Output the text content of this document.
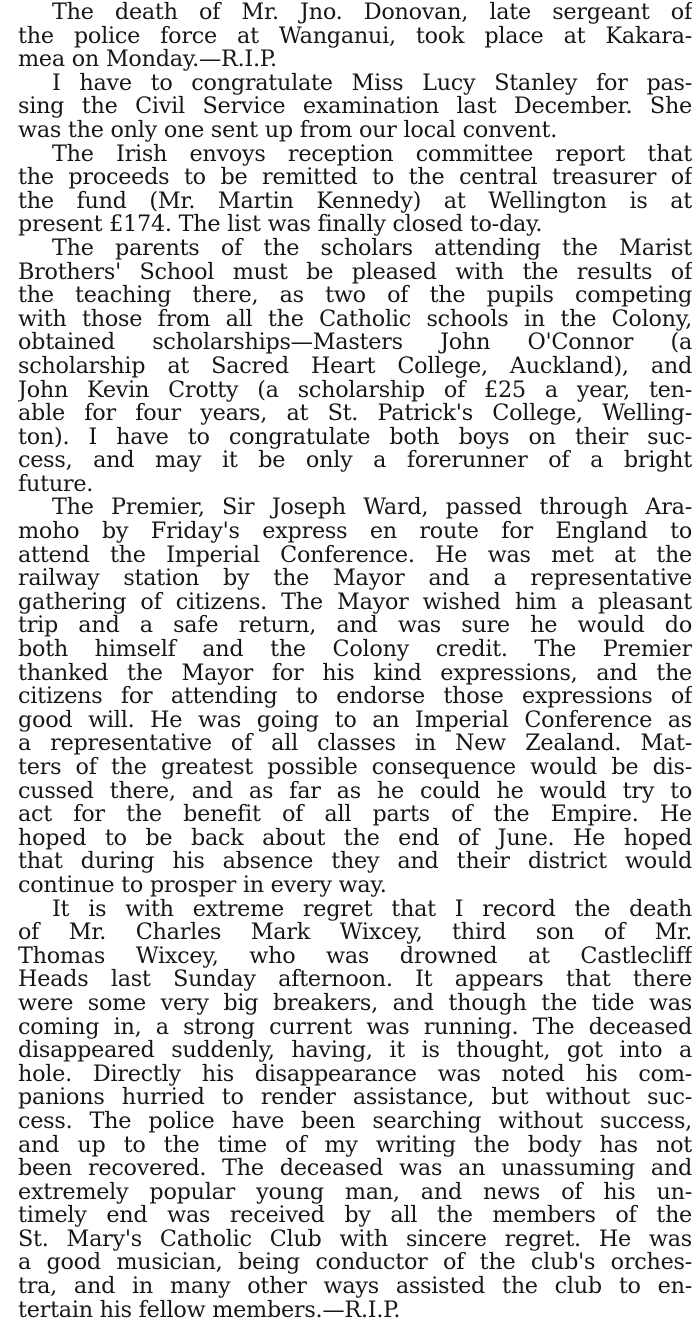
The death of Mr. Jno. Donovan, late sergeant of
the police force at Wanganui, took place at Kakara-
mea on Monday.—R.I.P.
I have to congratulate Miss Lucy Stanley for pas-
sing the Civil Service examination last December. She
was the only one sent up from our local convent.
The Irish envoys reception committee report that
the proceeds to be remitted to the central treasurer of
the fund (Mr. Martin Kennedy) at Wellington is at
present £174. The list was finally closed to-day.
The parents of the scholars attending the Marist
Brothers' School must be pleased with the results of
the teaching there, as two of the pupils competing
with those from all the Catholic schools in the Colony,
obtained scholarships—Masters John O'Connor (a
scholarship at Sacred Heart College, Auckland), and
John Kevin Crotty (a scholarship of £25 a year, ten-
able for four years, at St. Patrick's College, Welling-
ton). I have to congratulate both boys on their suc-
cess, and may it be only a forerunner of a bright
future.
The Premier, Sir Joseph Ward, passed through Ara-
moho by Friday's express en route for England to
attend the Imperial Conference. He was met at the
railway station by the Mayor and a representative
gathering of citizens. The Mayor wished him a pleasant
trip and a safe return, and was sure he would do
both himself and the Colony credit. The Premier
thanked the Mayor for his kind expressions, and the
citizens for attending to endorse those expressions of
good will. He was going to an Imperial Conference as
a representative of all classes in New Zealand. Mat-
ters of the greatest possible consequence would be dis-
cussed there, and as far as he could he would try to
act for the benefit of all parts of the Empire. He
hoped to be back about the end of June. He hoped
that during his absence they and their district would
continue to prosper in every way.
It is with extreme regret that I record the death
of Mr. Charles Mark Wixcey, third son of Mr.
Thomas Wixcey, who was drowned at Castlecliff
Heads last Sunday afternoon. It appears that there
were some very big breakers, and though the tide was
coming in, a strong current was running. The deceased
disappeared suddenly, having, it is thought, got into a
hole. Directly his disappearance was noted his com-
panions hurried to render assistance, but without suc-
cess. The police have been searching without success,
and up to the time of my writing the body has not
been recovered. The deceased was an unassuming and
extremely popular young man, and news of his un-
timely end was received by all the members of the
St. Mary's Catholic Club with sincere regret. He was
a good musician, being conductor of the club's orches-
tra, and in many other ways assisted the club to en-
tertain his fellow members.—R.I.P.
